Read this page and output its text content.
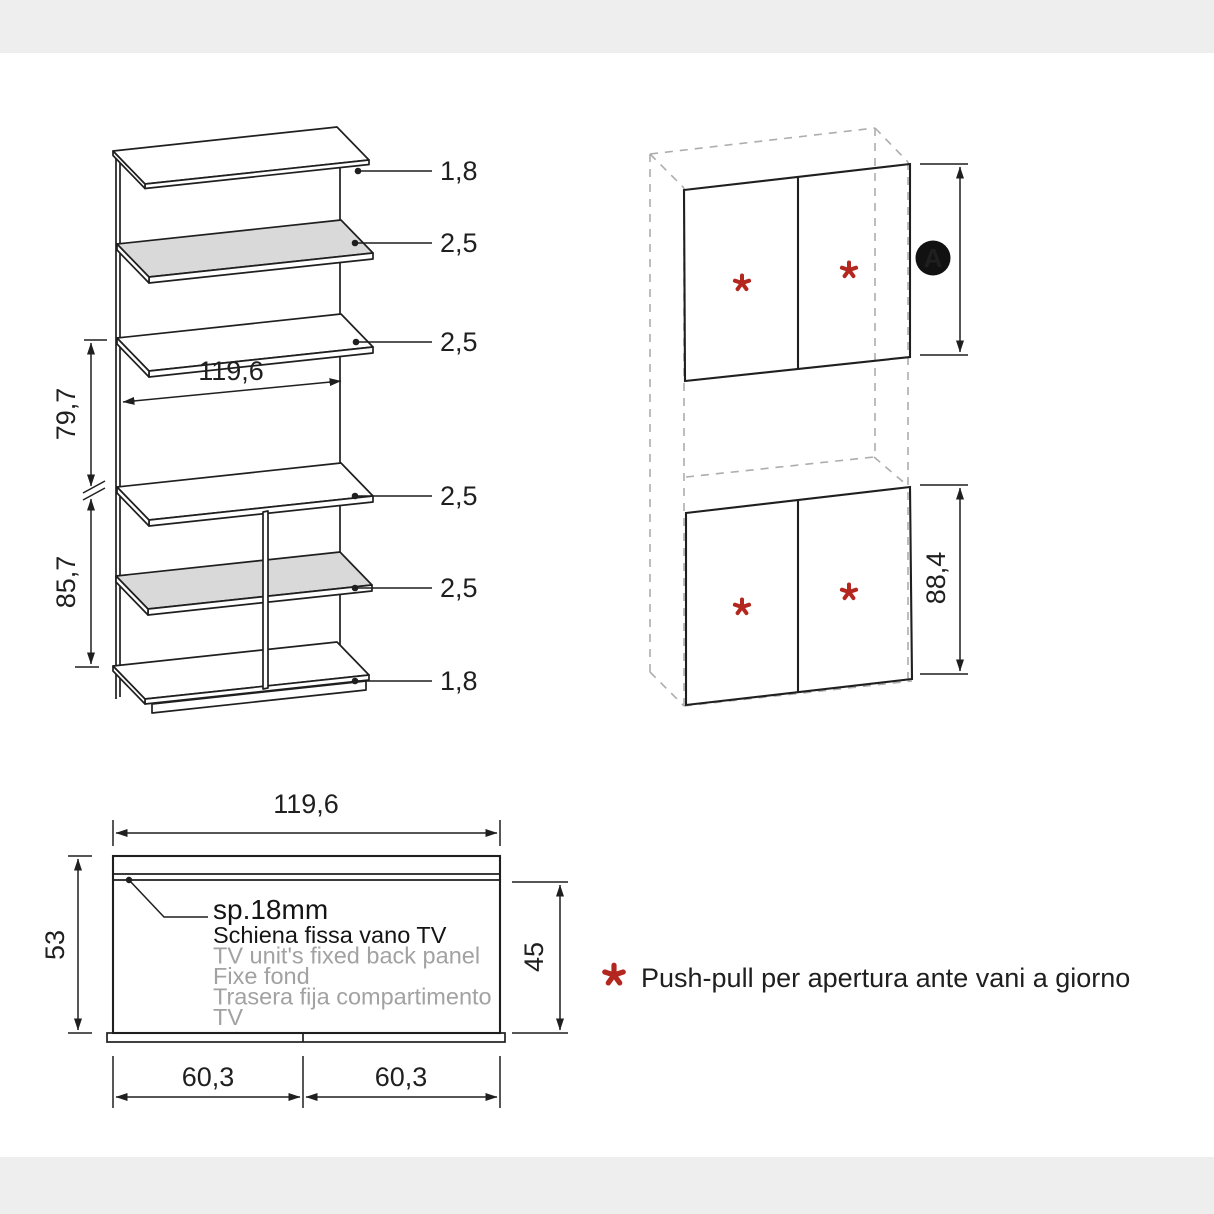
119,6
79,7
85,7
1,8
2,5
2,5
2,5
2,5
1,8
A
88,4
sp.18mm
Schiena fissa vano TV
TV unit's fixed back panel
Fixe fond
Trasera fija compartimento
TV
119,6
53	45
60,3	60,3
Push-pull per apertura ante vani a giorno
